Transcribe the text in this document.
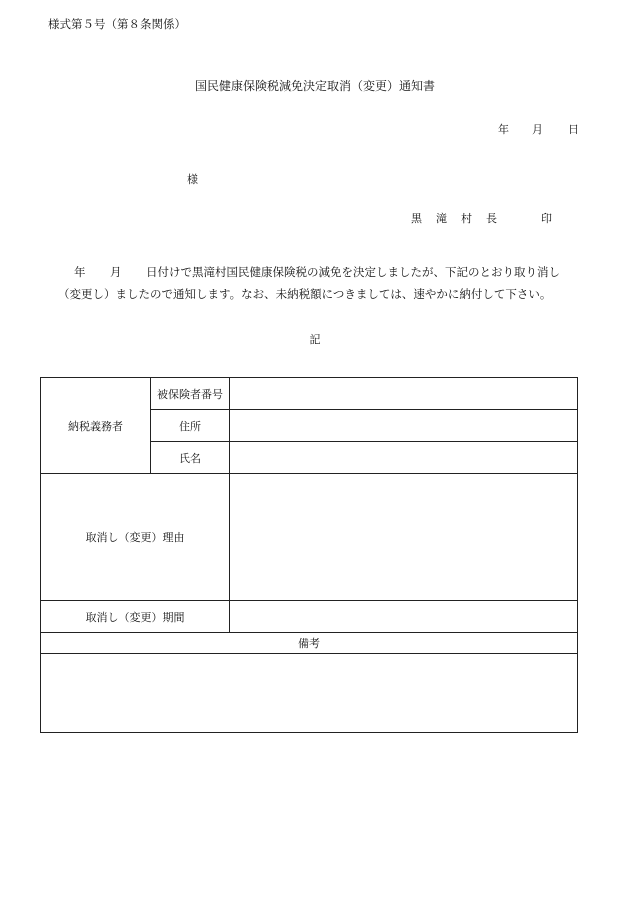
様式第５号（第８条関係）
国民健康保険税減免決定取消（変更）通知書
年 月 日
様
黒 滝 村 長	印
年 月 日付けで黒滝村国民健康保険税の減免を決定しましたが、下記のとおり取り消し
（変更し）ましたので通知します。なお、未納税額につきましては、速やかに納付して下さい。
記
納税義務者	被保険者番号	
	住所	
	氏名	
取消し（変更）理由		
取消し（変更）期間		
備考		
